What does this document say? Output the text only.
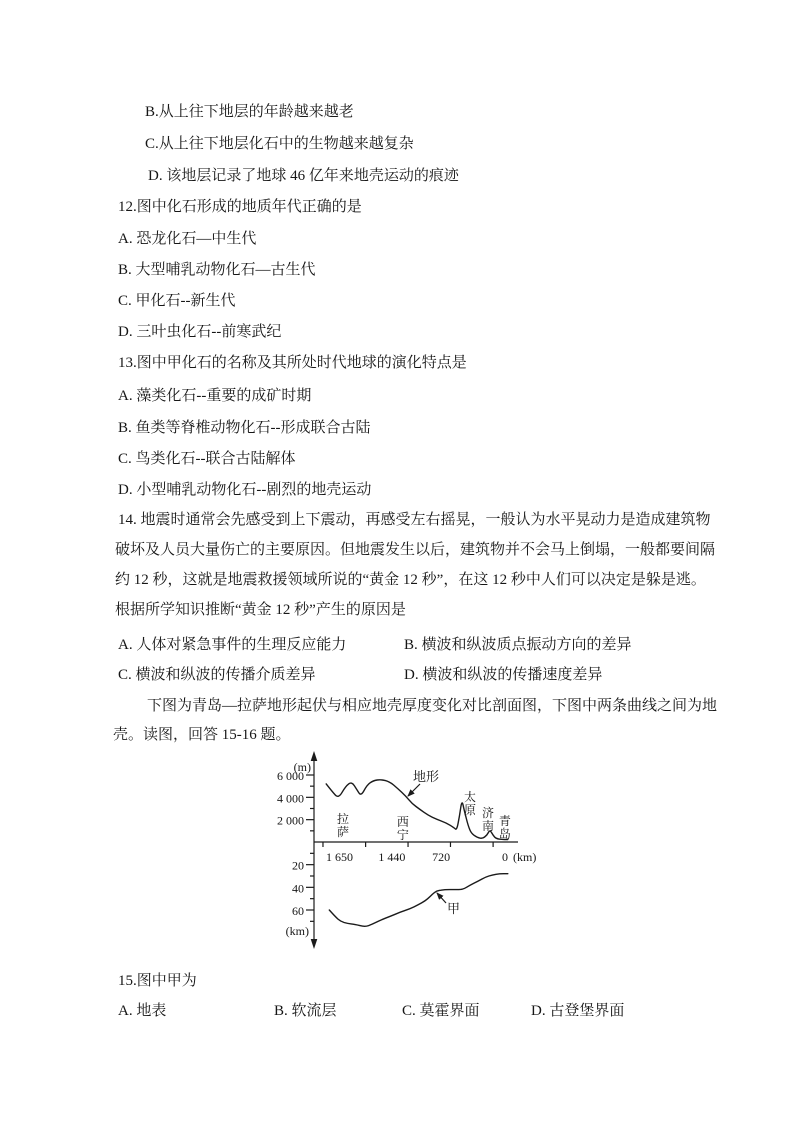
B.从上往下地层的年龄越来越老
C.从上往下地层化石中的生物越来越复杂
D. 该地层记录了地球 46 亿年来地壳运动的痕迹
12.图中化石形成的地质年代正确的是
A. 恐龙化石—中生代
B. 大型哺乳动物化石—古生代
C. 甲化石--新生代
D. 三叶虫化石--前寒武纪
13.图中甲化石的名称及其所处时代地球的演化特点是
A. 藻类化石--重要的成矿时期
B. 鱼类等脊椎动物化石--形成联合古陆
C. 鸟类化石--联合古陆解体
D. 小型哺乳动物化石--剧烈的地壳运动
14. 地震时通常会先感受到上下震动，再感受左右摇晃，一般认为水平晃动力是造成建筑物
破坏及人员大量伤亡的主要原因。但地震发生以后，建筑物并不会马上倒塌，一般都要间隔
约 12 秒，这就是地震救援领域所说的“黄金 12 秒”，在这 12 秒中人们可以决定是躲是逃。
根据所学知识推断“黄金 12 秒”产生的原因是
A. 人体对紧急事件的生理反应能力	B. 横波和纵波质点振动方向的差异
C. 横波和纵波的传播介质差异	D. 横波和纵波的传播速度差异
下图为青岛—拉萨地形起伏与相应地壳厚度变化对比剖面图，下图中两条曲线之间为地
壳。读图，回答 15-16 题。
6 000
4 000
2 000
20
40
60
(m)
(km)
(km)
1 650 1 440 720	0
拉萨
西宁
太原 济南 青岛
地形
甲
15.图中甲为
A. 地表	B. 软流层	C. 莫霍界面	D. 古登堡界面
